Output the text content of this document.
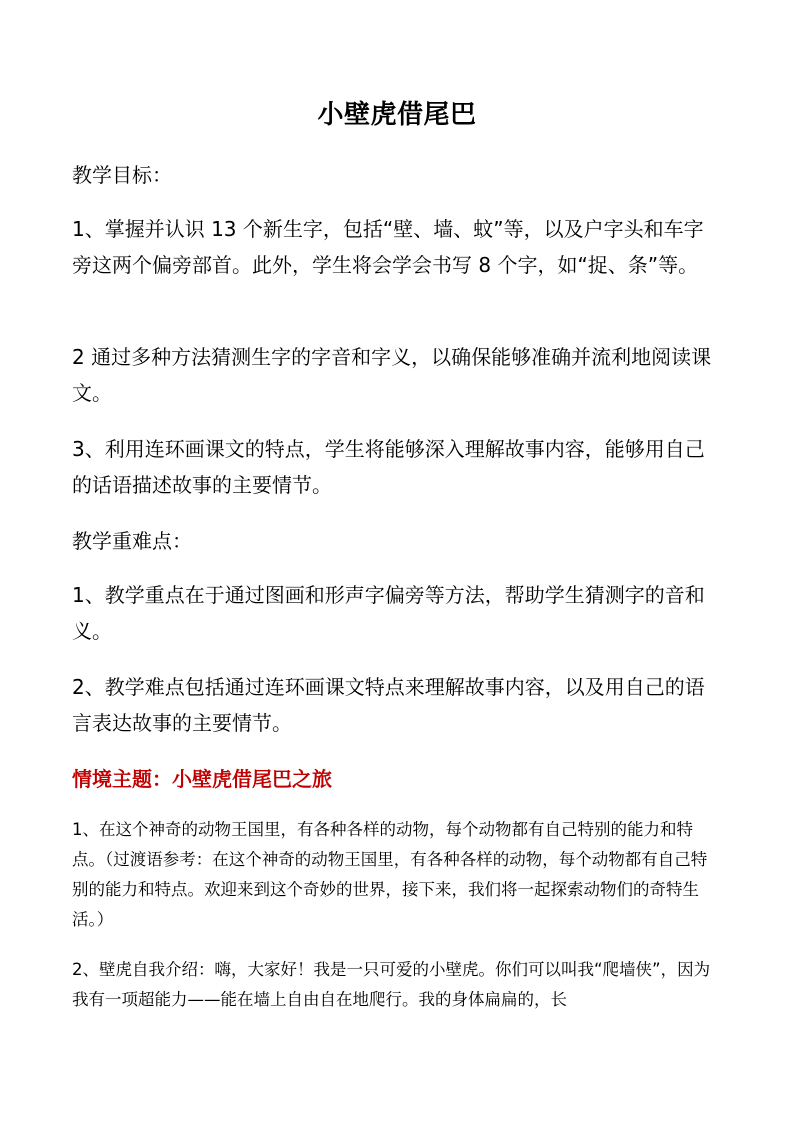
小壁虎借尾巴

教学目标：

1、掌握并认识 13 个新生字，包括“壁、墙、蚊”等，以及户字头和车字旁这两个偏旁部首。此外，学生将会学会书写 8 个字，如“捉、条”等。

2 通过多种方法猜测生字的字音和字义，以确保能够准确并流利地阅读课文。

3、利用连环画课文的特点，学生将能够深入理解故事内容，能够用自己的话语描述故事的主要情节。

教学重难点：

1、教学重点在于通过图画和形声字偏旁等方法，帮助学生猜测字的音和义。

2、教学难点包括通过连环画课文特点来理解故事内容，以及用自己的语言表达故事的主要情节。

情境主题：小壁虎借尾巴之旅

1、在这个神奇的动物王国里，有各种各样的动物，每个动物都有自己特别的能力和特点。（过渡语参考：在这个神奇的动物王国里，有各种各样的动物，每个动物都有自己特别的能力和特点。欢迎来到这个奇妙的世界，接下来，我们将一起探索动物们的奇特生活。）

2、壁虎自我介绍：嗨，大家好！我是一只可爱的小壁虎。你们可以叫我“爬墙侠”，因为我有一项超能力——能在墙上自由自在地爬行。我的身体扁扁的，长
